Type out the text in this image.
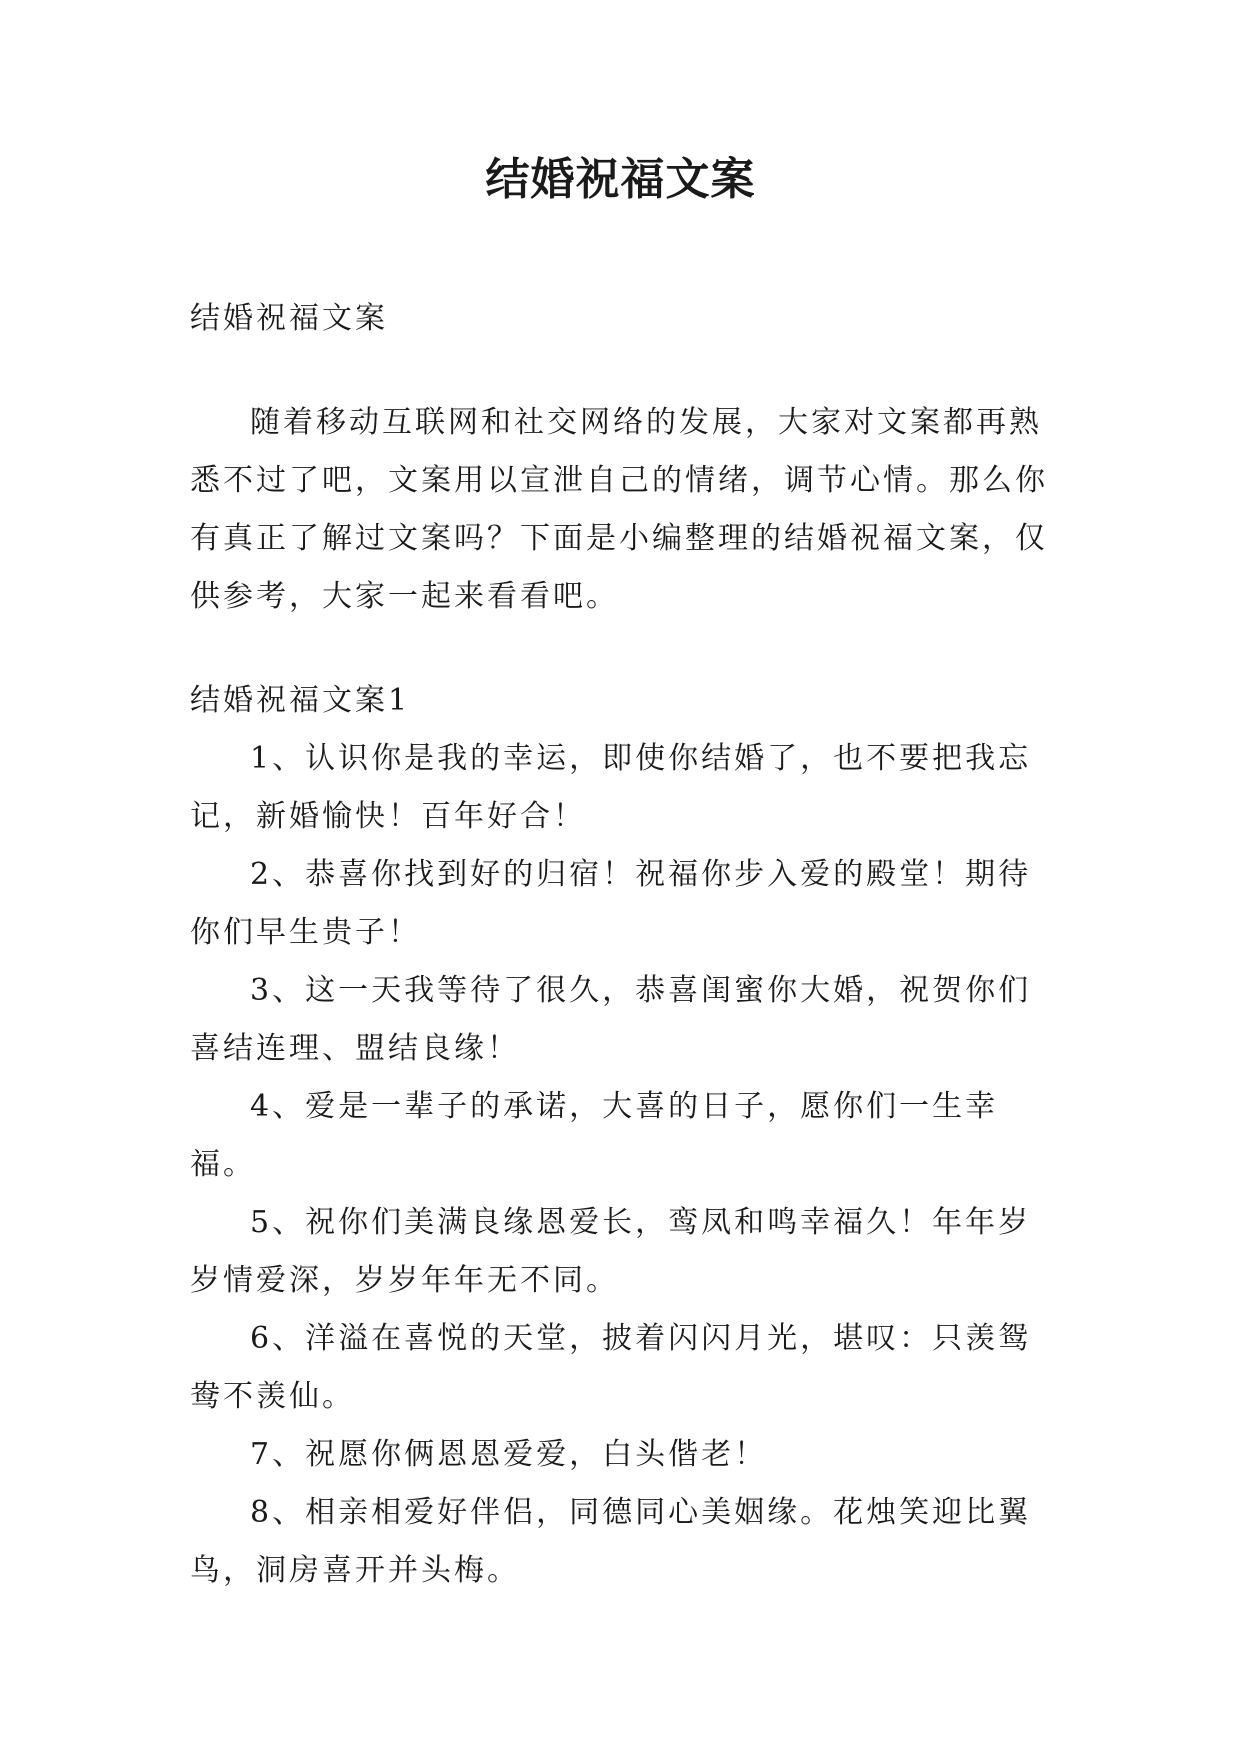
结婚祝福文案

结婚祝福文案

随着移动互联网和社交网络的发展，大家对文案都再熟悉不过了吧，文案用以宣泄自己的情绪，调节心情。那么你有真正了解过文案吗？下面是小编整理的结婚祝福文案，仅供参考，大家一起来看看吧。

结婚祝福文案1

1、认识你是我的幸运，即使你结婚了，也不要把我忘记，新婚愉快！百年好合！

2、恭喜你找到好的归宿！祝福你步入爱的殿堂！期待你们早生贵子！

3、这一天我等待了很久，恭喜闺蜜你大婚，祝贺你们喜结连理、盟结良缘！

4、爱是一辈子的承诺，大喜的日子，愿你们一生幸福。

5、祝你们美满良缘恩爱长，鸾凤和鸣幸福久！年年岁岁情爱深，岁岁年年无不同。

6、洋溢在喜悦的天堂，披着闪闪月光，堪叹：只羡鸳鸯不羡仙。

7、祝愿你俩恩恩爱爱，白头偕老！

8、相亲相爱好伴侣，同德同心美姻缘。花烛笑迎比翼鸟，洞房喜开并头梅。
